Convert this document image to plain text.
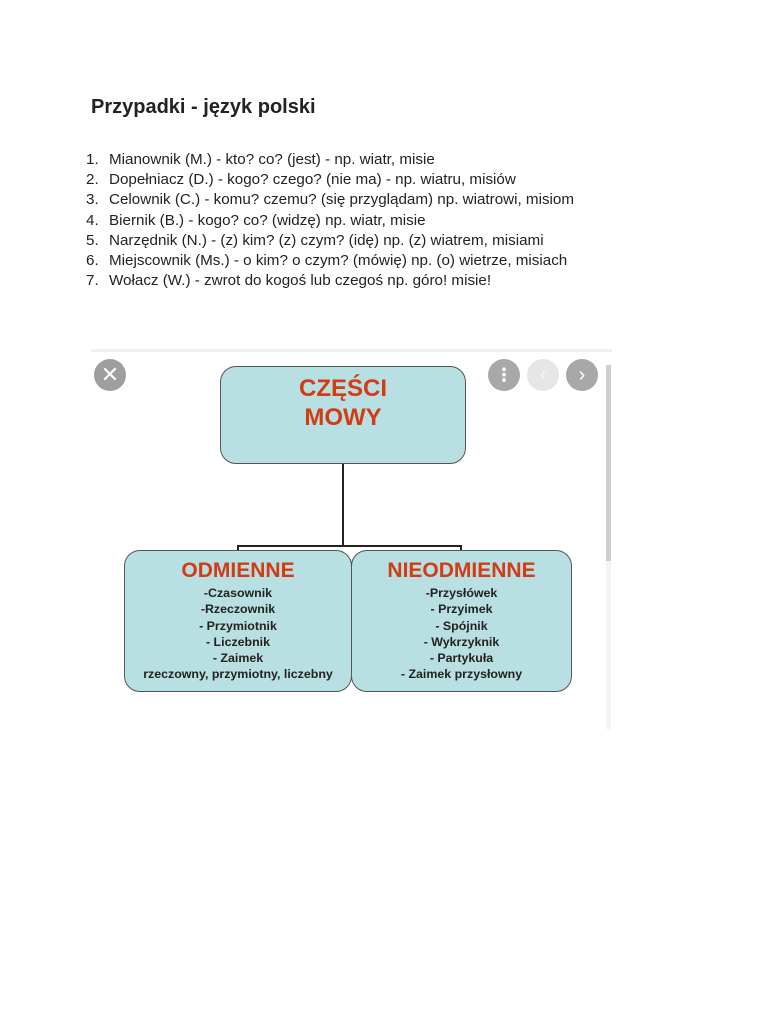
Przypadki - język polski
1. Mianownik (M.) - kto? co? (jest) - np. wiatr, misie
2. Dopełniacz (D.) - kogo? czego? (nie ma) - np. wiatru, misiów
3. Celownik (C.) - komu? czemu? (się przyglądam) np. wiatrowi, misiom
4. Biernik (B.) - kogo? co? (widzę) np. wiatr, misie
5. Narzędnik (N.) - (z) kim? (z) czym? (idę) np. (z) wiatrem, misiami
6. Miejscownik (Ms.) - o kim? o czym? (mówię) np. (o) wietrze, misiach
7. Wołacz (W.) - zwrot do kogoś lub czegoś np. góro! misie!
✕	⋮	‹	›
CZĘŚCI
MOWY
ODMIENNE
-Czasownik
-Rzeczownik
- Przymiotnik
- Liczebnik
- Zaimek
rzeczowny, przymiotny, liczebny
NIEODMIENNE
-Przysłówek
- Przyimek
- Spójnik
- Wykrzyknik
- Partykuła
- Zaimek przysłowny
